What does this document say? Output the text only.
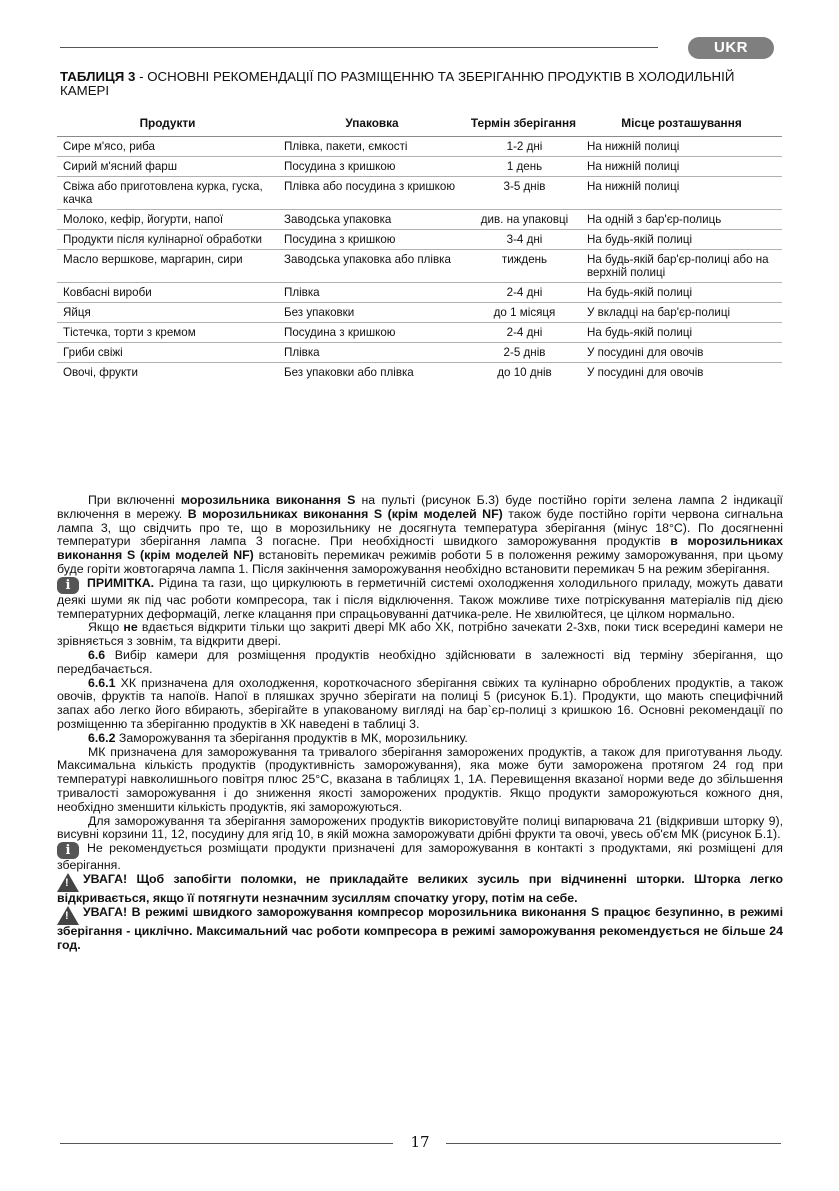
UKR
ТАБЛИЦЯ 3 - ОСНОВНІ РЕКОМЕНДАЦІЇ ПО РАЗМІЩЕННЮ ТА ЗБЕРІГАННЮ ПРОДУКТІВ В ХОЛОДИЛЬНІЙ КАМЕРІ
Продукти	Упаковка	Термін зберігання	Місце розташування
Сире м'ясо, риба	Плівка, пакети, ємкості	1-2 дні	На нижній полиці
Сирий м'ясний фарш	Посудина з кришкою	1 день	На нижній полиці
Свіжа або приготовлена курка, гуска, качка	Плівка або посудина з кришкою	3-5 днів	На нижній полиці
Молоко, кефір, йогурти, напої	Заводська упаковка	див. на упаковці	На одній з бар'єр-полиць
Продукти після кулінарної обработки	Посудина з кришкою	3-4 дні	На будь-якій полиці
Масло вершкове, маргарин, сири	Заводська упаковка або плівка	тиждень	На будь-якій бар'єр-полиці або на верхній полиці
Ковбасні вироби	Плівка	2-4 дні	На будь-якій полиці
Яйця	Без упаковки	до 1 місяця	У вкладці на бар'єр-полиці
Тістечка, торти з кремом	Посудина з кришкою	2-4 дні	На будь-якій полиці
Гриби свіжі	Плівка	2-5 днів	У посудині для овочів
Овочі, фрукти	Без упаковки або плівка	до 10 днів	У посудині для овочів

При включенні морозильника виконання S на пульті (рисунок Б.3) буде постійно горіти зелена лампа 2 індикації включення в мережу. В морозильниках виконання S (крім моделей NF) також буде постійно горіти червона сигнальна лампа 3, що свідчить про те, що в морозильнику не досягнута температура зберігання (мінус 18°С). По досягненні температури зберігання лампа 3 погасне. При необхідності швидкого заморожування продуктів в морозильниках виконання S (крім моделей NF) встановіть перемикач режимів роботи 5 в положення режиму заморожування, при цьому буде горіти жовтогаряча лампа 1. Після закінчення заморожування необхідно встановити перемикач 5 на режим зберігання.

i ПРИМІТКА. Рідина та гази, що циркулюють в герметичній системі охолодження холодильного приладу, можуть давати деякі шуми як під час роботи компресора, так і після відключення. Також можливе тихе потріскування матеріалів під дією температурних деформацій, легке клацання при спрацьовуванні датчика-реле. Не хвилюйтеся, це цілком нормально.

Якщо не вдається відкрити тільки що закриті двері МК або ХК, потрібно зачекати 2-3хв, поки тиск всередині камери не зрівняється з зовнім, та відкрити двері.

6.6 Вибір камери для розміщення продуктів необхідно здійснювати в залежності від терміну зберігання, що передбачається.

6.6.1 ХК призначена для охолодження, короткочасного зберігання свіжих та кулінарно оброблених продуктів, а також овочів, фруктів та напоїв. Напої в пляшках зручно зберігати на полиці 5 (рисунок Б.1). Продукти, що мають специфічний запах або легко його вбирають, зберігайте в упакованому вигляді на бар`єр-полиці з кришкою 16. Основні рекомендації по розміщенню та зберіганню продуктів в ХК наведені в таблиці 3.

6.6.2 Заморожування та зберігання продуктів в МК, морозильнику.

МК призначена для заморожування та тривалого зберігання заморожених продуктів, а також для приготування льоду. Максимальна кількість продуктів (продуктивність заморожування), яка може бути заморожена протягом 24 год при температурі навколишнього повітря плюс 25°С, вказана в таблицях 1, 1А. Перевищення вказаної норми веде до збільшення тривалості заморожування і до зниження якості заморожених продуктів. Якщо продукти заморожуються кожного дня, необхідно зменшити кількість продуктів, які заморожуються.

Для заморожування та зберігання заморожених продуктів використовуйте полиці випарювача 21 (відкривши шторку 9), висувні корзини 11, 12, посудину для ягід 10, в якій можна заморожувати дрібні фрукти та овочі, увесь об'єм МК (рисунок Б.1).

i Не рекомендується розміщати продукти призначені для заморожування в контакті з продуктами, які розміщені для зберігання.

! УВАГА! Щоб запобігти поломки, не прикладайте великих зусиль при відчиненні шторки. Шторка легко відкривається, якщо її потягнути незначним зусиллям спочатку угору, потім на себе.

! УВАГА! В режимі швидкого заморожування компресор морозильника виконання S працює безупинно, в режимі зберігання - циклічно. Максимальний час роботи компресора в режимі заморожування рекомендується не більше 24 год.

17
